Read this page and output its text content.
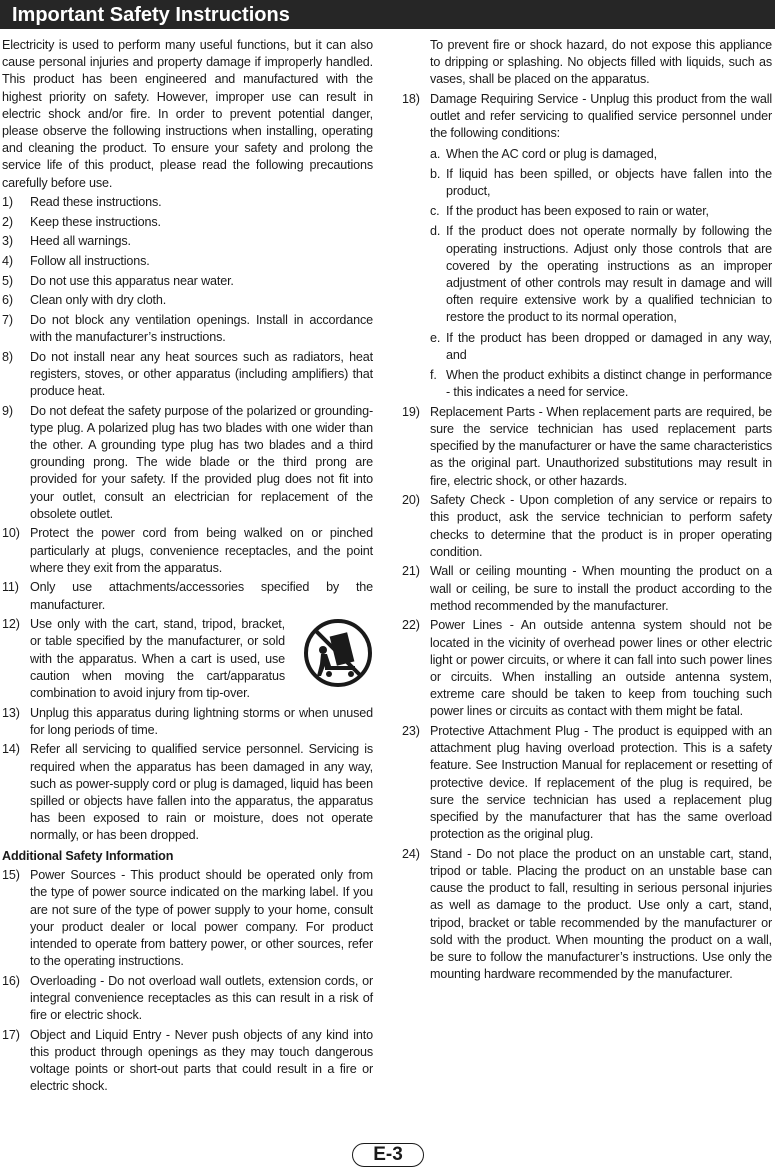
Important Safety Instructions

Electricity is used to perform many useful functions, but it can also cause personal injuries and property damage if improperly handled. This product has been engineered and manufactured with the highest priority on safety. However, improper use can result in electric shock and/or fire. In order to prevent potential danger, please observe the following instructions when installing, operating and cleaning the product. To ensure your safety and prolong the service life of this product, please read the following precautions carefully before use.

1)	Read these instructions.
2)	Keep these instructions.
3)	Heed all warnings.
4)	Follow all instructions.
5)	Do not use this apparatus near water.
6)	Clean only with dry cloth.
7)	Do not block any ventilation openings. Install in accordance with the manufacturer’s instructions.
8)	Do not install near any heat sources such as radiators, heat registers, stoves, or other apparatus (including amplifiers) that produce heat.
9)	Do not defeat the safety purpose of the polarized or grounding-type plug. A polarized plug has two blades with one wider than the other. A grounding type plug has two blades and a third grounding prong. The wide blade or the third prong are provided for your safety. If the provided plug does not fit into your outlet, consult an electrician for replacement of the obsolete outlet.
10) Protect the power cord from being walked on or pinched particularly at plugs, convenience receptacles, and the point where they exit from the apparatus.
11) Only use attachments/accessories specified by the manufacturer.
12) Use only with the cart, stand, tripod, bracket, or table specified by the manufacturer, or sold with the apparatus. When a cart is used, use caution when moving the cart/apparatus combination to avoid injury from tip-over.
13) Unplug this apparatus during lightning storms or when unused for long periods of time.
14) Refer all servicing to qualified service personnel. Servicing is required when the apparatus has been damaged in any way, such as power-supply cord or plug is damaged, liquid has been spilled or objects have fallen into the apparatus, the apparatus has been exposed to rain or moisture, does not operate normally, or has been dropped.
Additional Safety Information
15) Power Sources - This product should be operated only from the type of power source indicated on the marking label. If you are not sure of the type of power supply to your home, consult your product dealer or local power company. For product intended to operate from battery power, or other sources, refer to the operating instructions.
16) Overloading - Do not overload wall outlets, extension cords, or integral convenience receptacles as this can result in a risk of fire or electric shock.
17) Object and Liquid Entry - Never push objects of any kind into this product through openings as they may touch dangerous voltage points or short-out parts that could result in a fire or electric shock.

To prevent fire or shock hazard, do not expose this appliance to dripping or splashing. No objects filled with liquids, such as vases, shall be placed on the apparatus.

18) Damage Requiring Service - Unplug this product from the wall outlet and refer servicing to qualified service personnel under the following conditions:
a. When the AC cord or plug is damaged,
b. If liquid has been spilled, or objects have fallen into the product,
c. If the product has been exposed to rain or water,
d. If the product does not operate normally by following the operating instructions. Adjust only those controls that are covered by the operating instructions as an improper adjustment of other controls may result in damage and will often require extensive work by a qualified technician to restore the product to its normal operation,
e. If the product has been dropped or damaged in any way, and
f. When the product exhibits a distinct change in performance - this indicates a need for service.
19) Replacement Parts - When replacement parts are required, be sure the service technician has used replacement parts specified by the manufacturer or have the same characteristics as the original part. Unauthorized substitutions may result in fire, electric shock, or other hazards.
20) Safety Check - Upon completion of any service or repairs to this product, ask the service technician to perform safety checks to determine that the product is in proper operating condition.
21) Wall or ceiling mounting - When mounting the product on a wall or ceiling, be sure to install the product according to the method recommended by the manufacturer.
22) Power Lines - An outside antenna system should not be located in the vicinity of overhead power lines or other electric light or power circuits, or where it can fall into such power lines or circuits. When installing an outside antenna system, extreme care should be taken to keep from touching such power lines or circuits as contact with them might be fatal.
23) Protective Attachment Plug - The product is equipped with an attachment plug having overload protection. This is a safety feature. See Instruction Manual for replacement or resetting of protective device. If replacement of the plug is required, be sure the service technician has used a replacement plug specified by the manufacturer that has the same overload protection as the original plug.
24) Stand - Do not place the product on an unstable cart, stand, tripod or table. Placing the product on an unstable base can cause the product to fall, resulting in serious personal injuries as well as damage to the product. Use only a cart, stand, tripod, bracket or table recommended by the manufacturer or sold with the product. When mounting the product on a wall, be sure to follow the manufacturer’s instructions. Use only the mounting hardware recommended by the manufacturer.
E-3
